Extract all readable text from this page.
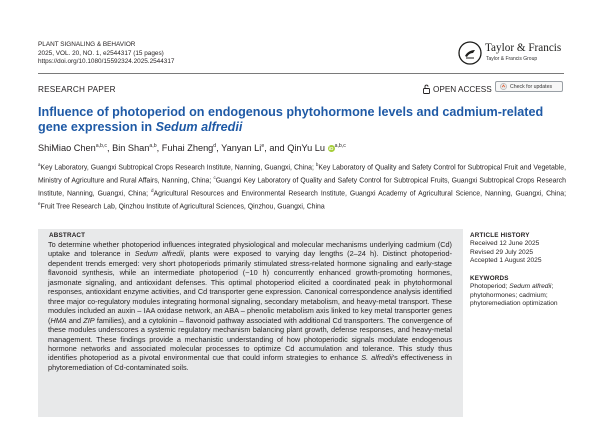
PLANT SIGNALING & BEHAVIOR
2025, VOL. 20, NO. 1, e2544317 (15 pages)
https://doi.org/10.1080/15592324.2025.2544317
Taylor & Francis
Taylor & Francis Group
RESEARCH PAPER	OPEN ACCESS	Check for updates
Influence of photoperiod on endogenous phytohormone levels and cadmium-related gene expression in Sedum alfredii
ShiMiao Chen$^{a,b,c}$, Bin Shan$^{a,b}$, Fuhai Zheng$^d$, Yanyan Li$^e$, and QinYu Lu iD$^{a,b,c}$
$^a$Key Laboratory, Guangxi Subtropical Crops Research Institute, Nanning, Guangxi, China; $^b$Key Laboratory of Quality and Safety Control for Subtropical Fruit and Vegetable, Ministry of Agriculture and Rural Affairs, Nanning, China; $^c$Guangxi Key Laboratory of Quality and Safety Control for Subtropical Fruits, Guangxi Subtropical Crops Research Institute, Nanning, Guangxi, China; $^d$Agricultural Resources and Environmental Research Institute, Guangxi Academy of Agricultural Science, Nanning, Guangxi, China; $^e$Fruit Tree Research Lab, Qinzhou Institute of Agricultural Sciences, Qinzhou, Guangxi, China
ABSTRACT

To determine whether photoperiod influences integrated physiological and molecular mechanisms underlying cadmium (Cd) uptake and tolerance in Sedum alfredii, plants were exposed to varying day lengths (2–24 h). Distinct photoperiod-dependent trends emerged: very short photoperiods primarily stimulated stress-related hormone signaling and early-stage flavonoid synthesis, while an intermediate photoperiod (~10 h) concurrently enhanced growth-promoting hormones, jasmonate signaling, and antioxidant defenses. This optimal photoperiod elicited a coordinated peak in phytohormonal responses, antioxidant enzyme activities, and Cd transporter gene expression. Canonical correspondence analysis identified three major co-regulatory modules integrating hormonal signaling, secondary metabolism, and heavy-metal transport. These modules included an auxin – IAA oxidase network, an ABA – phenolic metabolism axis linked to key metal transporter genes (HMA and ZIP families), and a cytokinin – flavonoid pathway associated with additional Cd transporters. The convergence of these modules underscores a systemic regulatory mechanism balancing plant growth, defense responses, and heavy-metal management. These findings provide a mechanistic understanding of how photoperiodic signals modulate endogenous hormone networks and associated molecular processes to optimize Cd accumulation and tolerance. This study thus identifies photoperiod as a pivotal environmental cue that could inform strategies to enhance S. alfredii's effectiveness in phytoremediation of Cd-contaminated soils.

ARTICLE HISTORY
Received 12 June 2025
Revised 29 July 2025
Accepted 1 August 2025
KEYWORDS
Photoperiod; Sedum alfredii; phytohormones; cadmium; phytoremediation optimization
